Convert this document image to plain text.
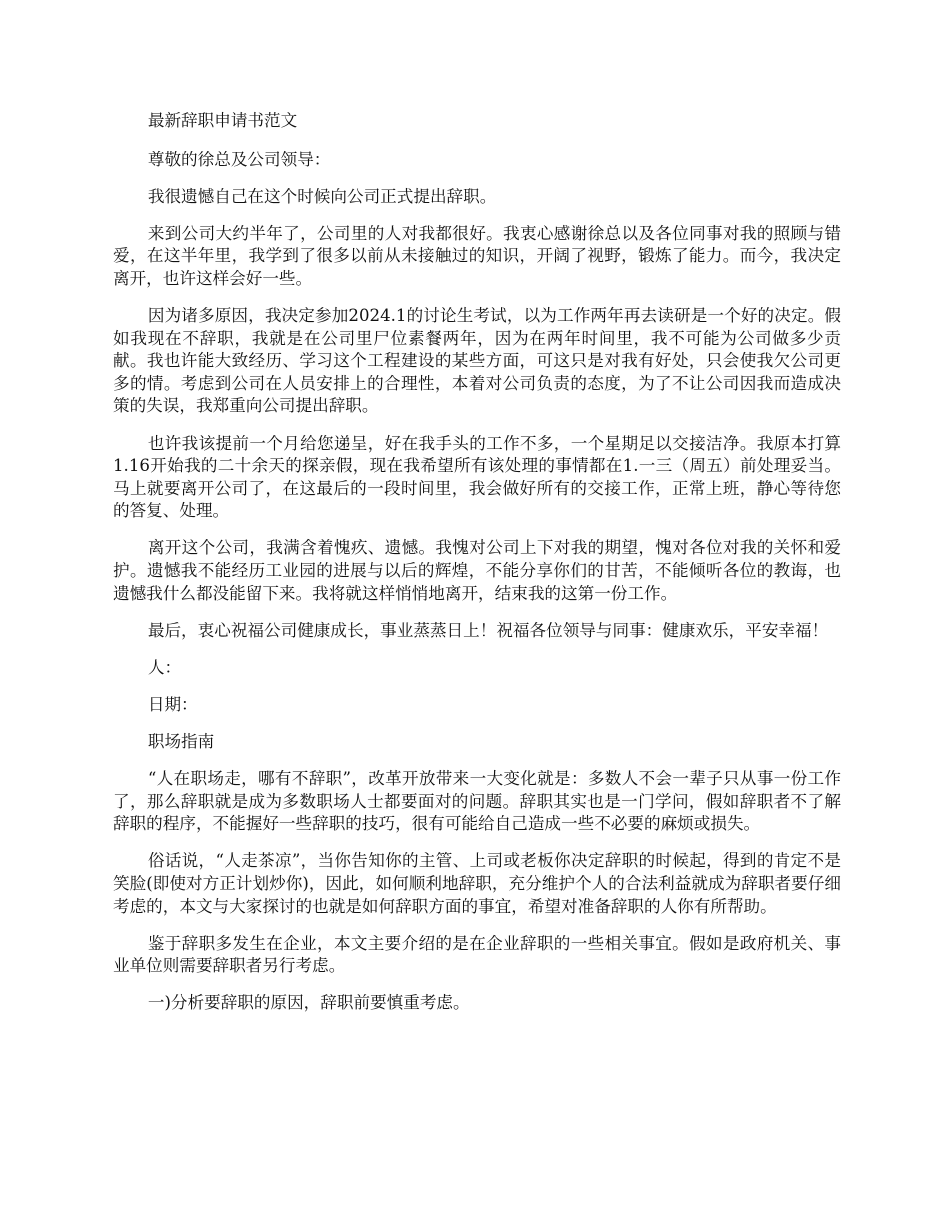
最新辞职申请书范文

尊敬的徐总及公司领导：

我很遗憾自己在这个时候向公司正式提出辞职。

来到公司大约半年了，公司里的人对我都很好。我衷心感谢徐总以及各位同事对我的照顾与错爱，在这半年里，我学到了很多以前从未接触过的知识，开阔了视野，锻炼了能力。而今，我决定离开，也许这样会好一些。

因为诸多原因，我决定参加2024.1的讨论生考试，以为工作两年再去读研是一个好的决定。假如我现在不辞职，我就是在公司里尸位素餐两年，因为在两年时间里，我不可能为公司做多少贡献。我也许能大致经历、学习这个工程建设的某些方面，可这只是对我有好处，只会使我欠公司更多的情。考虑到公司在人员安排上的合理性，本着对公司负责的态度，为了不让公司因我而造成决策的失误，我郑重向公司提出辞职。

也许我该提前一个月给您递呈，好在我手头的工作不多，一个星期足以交接洁净。我原本打算1.16开始我的二十余天的探亲假，现在我希望所有该处理的事情都在1.一三（周五）前处理妥当。马上就要离开公司了，在这最后的一段时间里，我会做好所有的交接工作，正常上班，静心等待您的答复、处理。

离开这个公司，我满含着愧疚、遗憾。我愧对公司上下对我的期望，愧对各位对我的关怀和爱护。遗憾我不能经历工业园的进展与以后的辉煌，不能分享你们的甘苦，不能倾听各位的教诲，也遗憾我什么都没能留下来。我将就这样悄悄地离开，结束我的这第一份工作。

最后，衷心祝福公司健康成长，事业蒸蒸日上！祝福各位领导与同事：健康欢乐，平安幸福！

人：

日期：

职场指南

“人在职场走，哪有不辞职”，改革开放带来一大变化就是：多数人不会一辈子只从事一份工作了，那么辞职就是成为多数职场人士都要面对的问题。辞职其实也是一门学问，假如辞职者不了解辞职的程序，不能握好一些辞职的技巧，很有可能给自己造成一些不必要的麻烦或损失。

俗话说，“人走茶凉”，当你告知你的主管、上司或老板你决定辞职的时候起，得到的肯定不是笑脸(即使对方正计划炒你)，因此，如何顺利地辞职，充分维护个人的合法利益就成为辞职者要仔细考虑的，本文与大家探讨的也就是如何辞职方面的事宜，希望对准备辞职的人你有所帮助。

鉴于辞职多发生在企业，本文主要介绍的是在企业辞职的一些相关事宜。假如是政府机关、事业单位则需要辞职者另行考虑。

一)分析要辞职的原因，辞职前要慎重考虑。
